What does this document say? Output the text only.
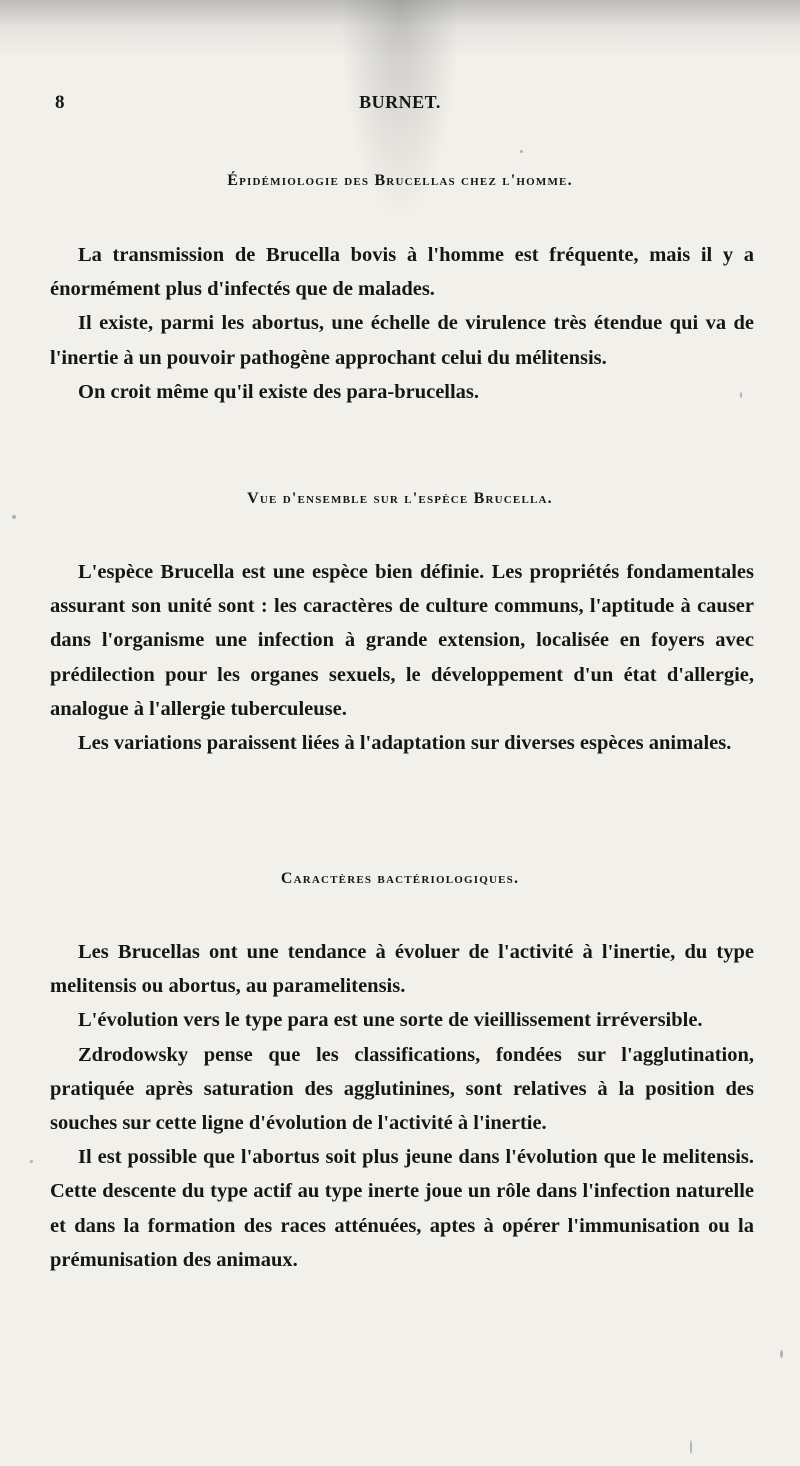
8	BURNET.
Épidémiologie des Brucellas chez l'homme.

La transmission de Brucella bovis à l'homme est fréquente, mais il y a énormément plus d'infectés que de malades.

Il existe, parmi les abortus, une échelle de virulence très étendue qui va de l'inertie à un pouvoir pathogène approchant celui du mélitensis.

On croit même qu'il existe des para-brucellas.

Vue d'ensemble sur l'espèce Brucella.

L'espèce Brucella est une espèce bien définie. Les propriétés fondamentales assurant son unité sont : les caractères de culture communs, l'aptitude à causer dans l'organisme une infection à grande extension, localisée en foyers avec prédilection pour les organes sexuels, le développement d'un état d'allergie, analogue à l'allergie tuberculeuse.

Les variations paraissent liées à l'adaptation sur diverses espèces animales.

Caractères bactériologiques.

Les Brucellas ont une tendance à évoluer de l'activité à l'inertie, du type melitensis ou abortus, au paramelitensis.

L'évolution vers le type para est une sorte de vieillissement irréversible.

Zdrodowsky pense que les classifications, fondées sur l'agglutination, pratiquée après saturation des agglutinines, sont relatives à la position des souches sur cette ligne d'évolution de l'activité à l'inertie.

Il est possible que l'abortus soit plus jeune dans l'évolution que le melitensis. Cette descente du type actif au type inerte joue un rôle dans l'infection naturelle et dans la formation des races atténuées, aptes à opérer l'immunisation ou la prémunisation des animaux.
